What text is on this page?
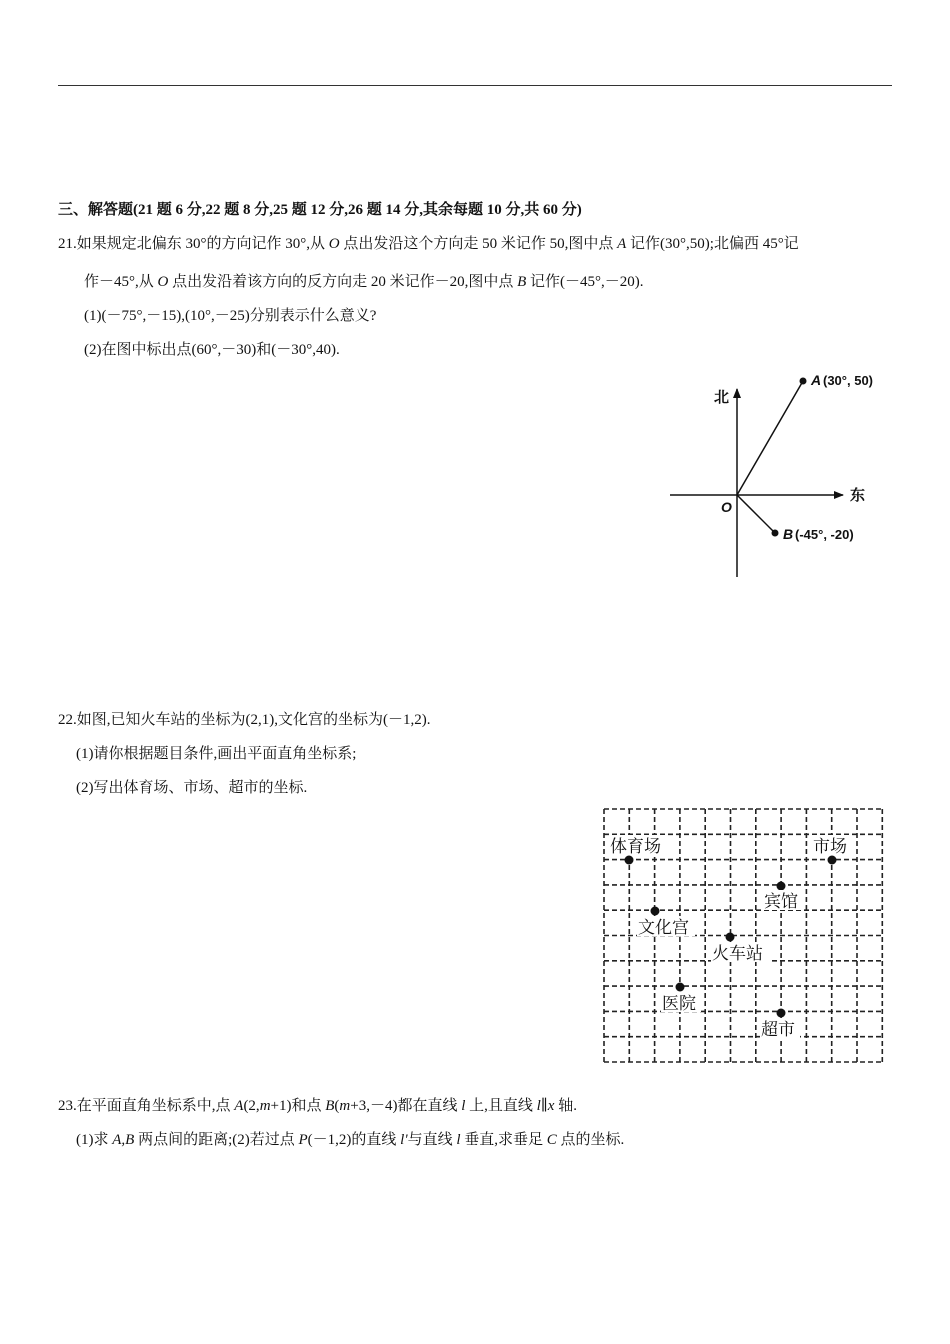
三、解答题(21 题 6 分,22 题 8 分,25 题 12 分,26 题 14 分,其余每题 10 分,共 60 分)
21.如果规定北偏东 30°的方向记作 30°,从 O 点出发沿这个方向走 50 米记作 50,图中点 A 记作(30°,50);北偏西 45°记
作－45°,从 O 点出发沿着该方向的反方向走 20 米记作－20,图中点 B 记作(－45°,－20).
(1)(－75°,－15),(10°,－25)分别表示什么意义?
(2)在图中标出点(60°,－30)和(－30°,40).
北
东
O
A (30°, 50)
B (-45°, -20)
22.如图,已知火车站的坐标为(2,1),文化宫的坐标为(－1,2).
(1)请你根据题目条件,画出平面直角坐标系;
(2)写出体育场、市场、超市的坐标.
体育场	市场
宾馆
文化宫
火车站
医院
超市
23.在平面直角坐标系中,点 A(2,m+1)和点 B(m+3,－4)都在直线 l 上,且直线 l∥x 轴.
(1)求 A,B 两点间的距离;(2)若过点 P(－1,2)的直线 l'与直线 l 垂直,求垂足 C 点的坐标.
